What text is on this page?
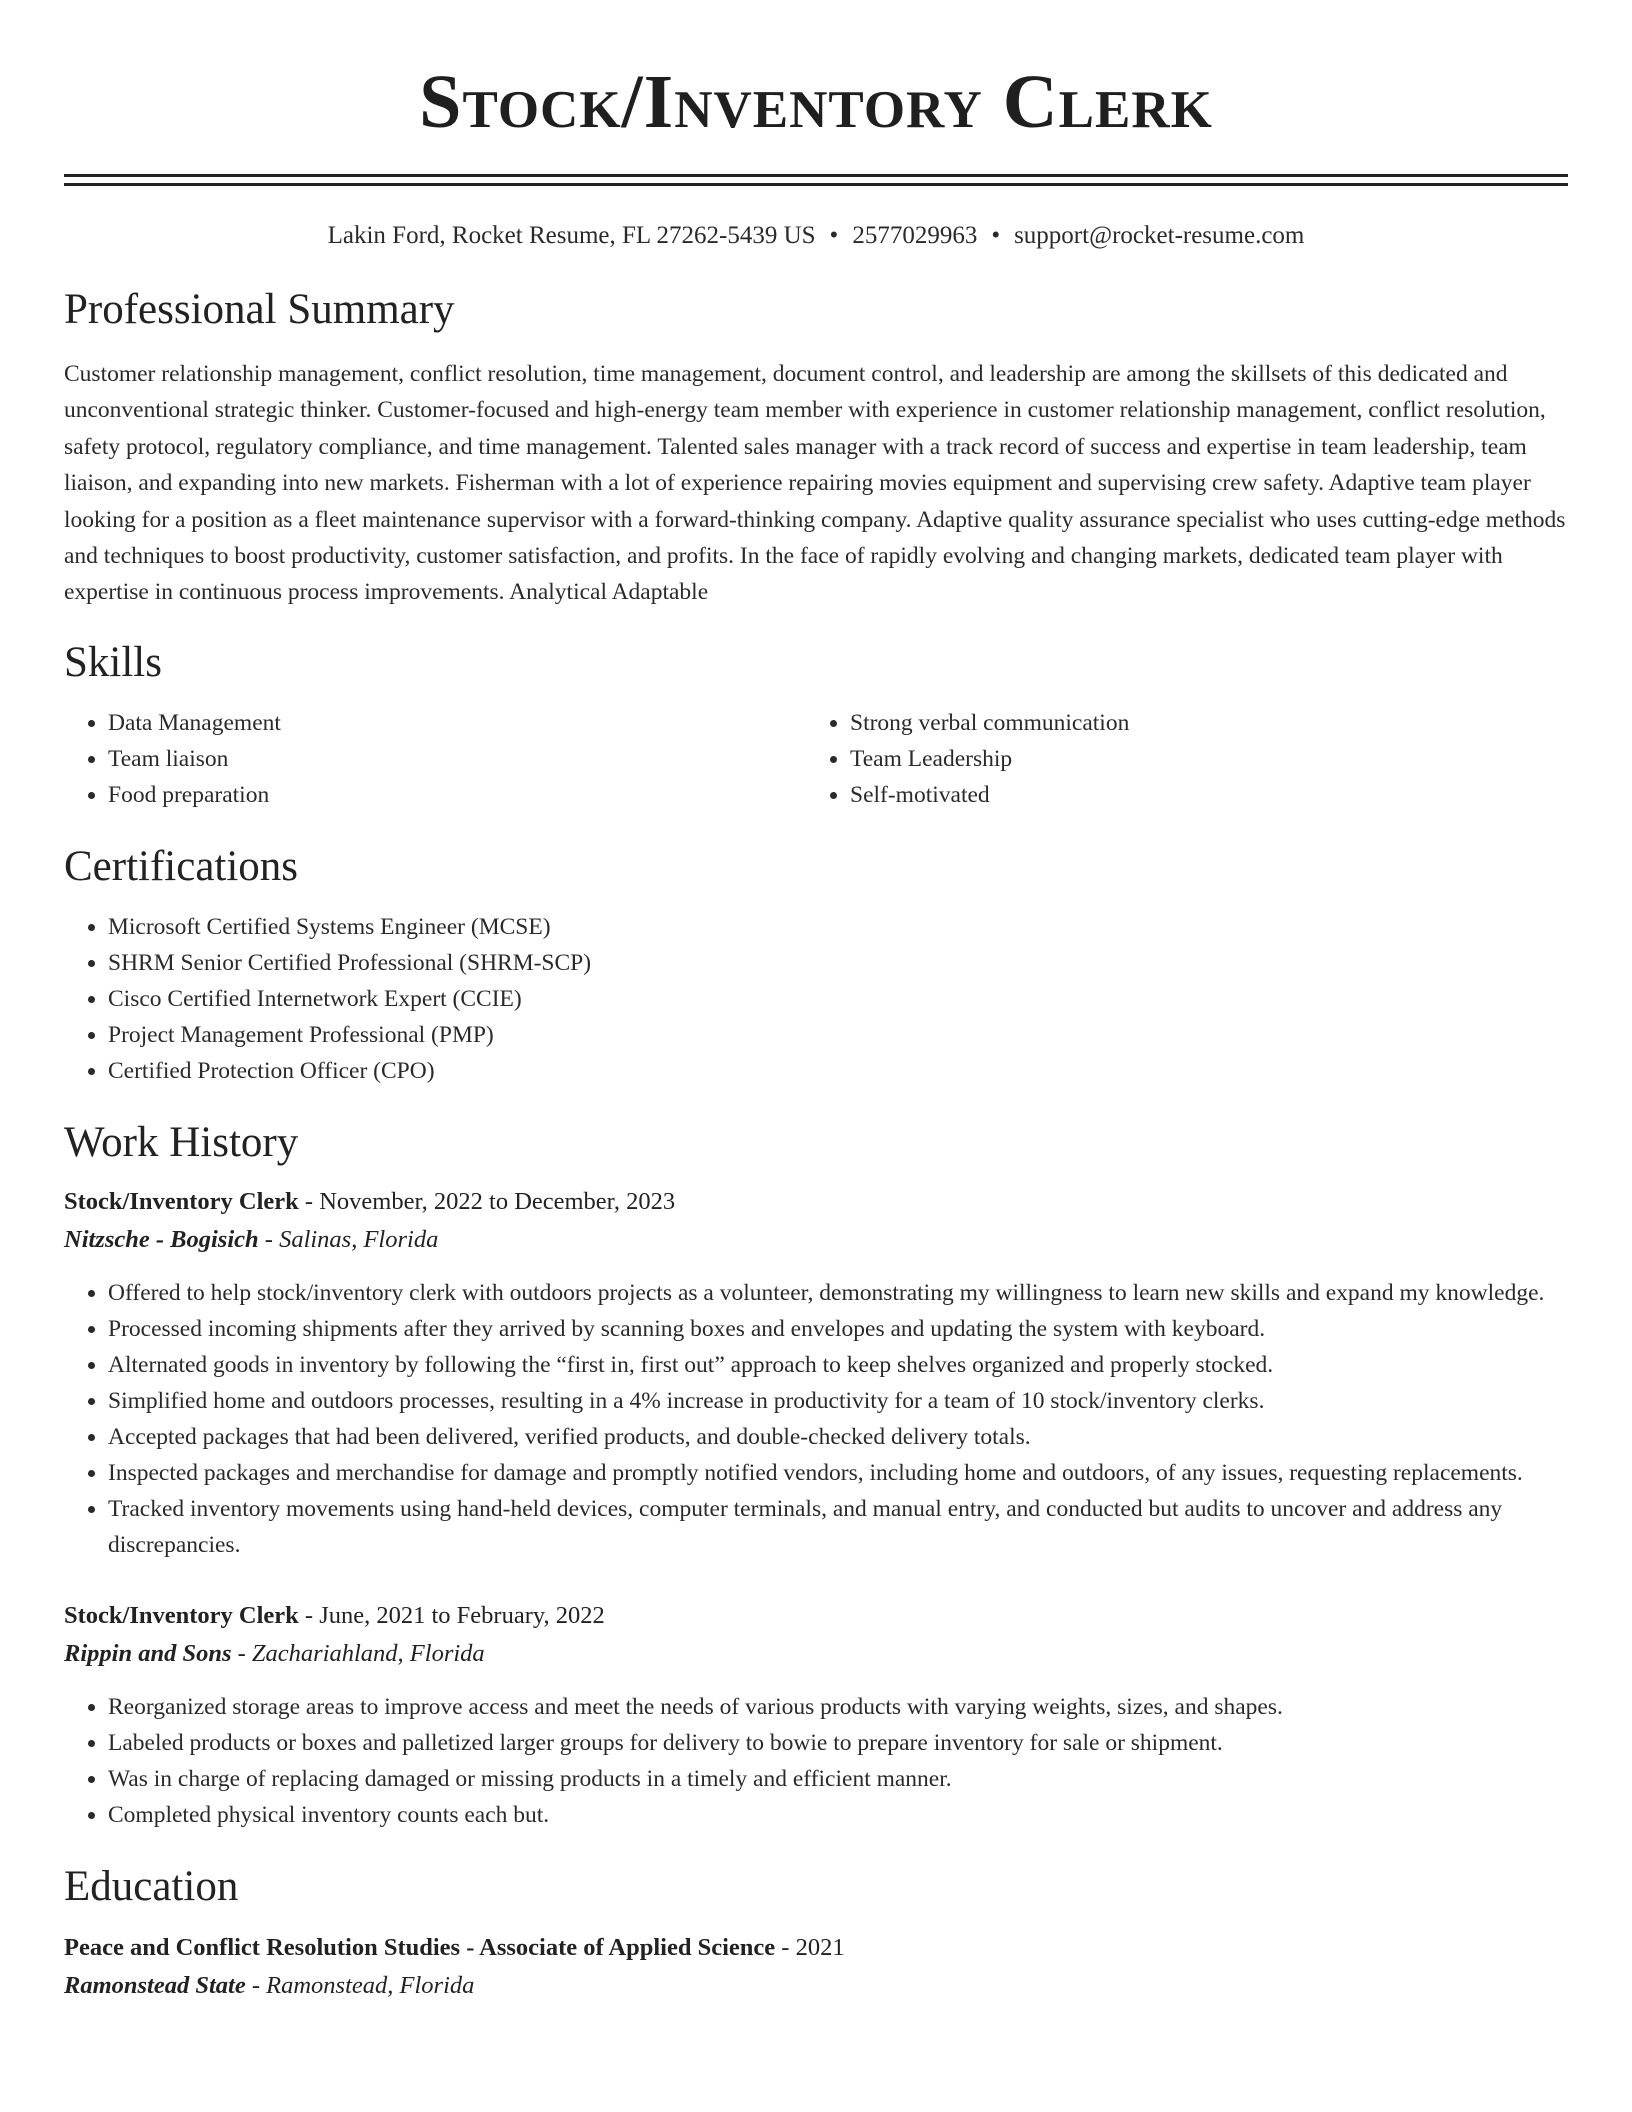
Stock/Inventory Clerk
Lakin Ford, Rocket Resume, FL 27262-5439 US • 2577029963 • support@rocket-resume.com
Professional Summary

Customer relationship management, conflict resolution, time management, document control, and leadership are among the skillsets of this dedicated and unconventional strategic thinker. Customer-focused and high-energy team member with experience in customer relationship management, conflict resolution, safety protocol, regulatory compliance, and time management. Talented sales manager with a track record of success and expertise in team leadership, team liaison, and expanding into new markets. Fisherman with a lot of experience repairing movies equipment and supervising crew safety. Adaptive team player looking for a position as a fleet maintenance supervisor with a forward-thinking company. Adaptive quality assurance specialist who uses cutting-edge methods and techniques to boost productivity, customer satisfaction, and profits. In the face of rapidly evolving and changing markets, dedicated team player with expertise in continuous process improvements. Analytical Adaptable

Skills
• Data Management
• Team liaison
• Food preparation
• Strong verbal communication
• Team Leadership
• Self-motivated
Certifications
• Microsoft Certified Systems Engineer (MCSE)
• SHRM Senior Certified Professional (SHRM-SCP)
• Cisco Certified Internetwork Expert (CCIE)
• Project Management Professional (PMP)
• Certified Protection Officer (CPO)
Work History
Stock/Inventory Clerk - November, 2022 to December, 2023
Nitzsche - Bogisich - Salinas, Florida
• Offered to help stock/inventory clerk with outdoors projects as a volunteer, demonstrating my willingness to learn new skills and expand my knowledge.
• Processed incoming shipments after they arrived by scanning boxes and envelopes and updating the system with keyboard.
• Alternated goods in inventory by following the “first in, first out” approach to keep shelves organized and properly stocked.
• Simplified home and outdoors processes, resulting in a 4% increase in productivity for a team of 10 stock/inventory clerks.
• Accepted packages that had been delivered, verified products, and double-checked delivery totals.
• Inspected packages and merchandise for damage and promptly notified vendors, including home and outdoors, of any issues, requesting replacements.
• Tracked inventory movements using hand-held devices, computer terminals, and manual entry, and conducted but audits to uncover and address any discrepancies.
Stock/Inventory Clerk - June, 2021 to February, 2022
Rippin and Sons - Zachariahland, Florida
• Reorganized storage areas to improve access and meet the needs of various products with varying weights, sizes, and shapes.
• Labeled products or boxes and palletized larger groups for delivery to bowie to prepare inventory for sale or shipment.
• Was in charge of replacing damaged or missing products in a timely and efficient manner.
• Completed physical inventory counts each but.
Education
Peace and Conflict Resolution Studies - Associate of Applied Science - 2021
Ramonstead State - Ramonstead, Florida
